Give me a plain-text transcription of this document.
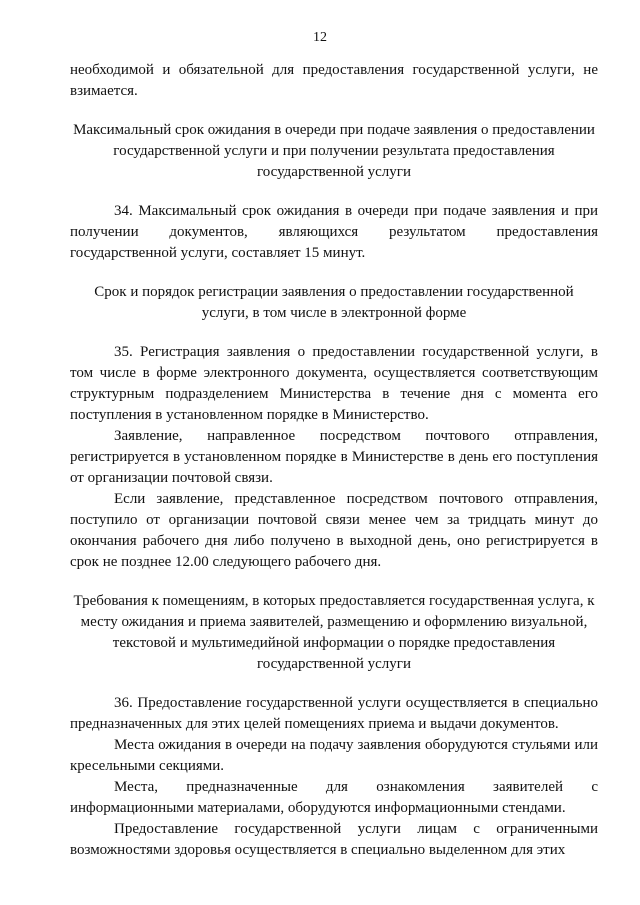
12

необходимой и обязательной для предоставления государственной услуги, не взимается.

Максимальный срок ожидания в очереди при подаче заявления о предоставлении государственной услуги и при получении результата предоставления государственной услуги

34. Максимальный срок ожидания в очереди при подаче заявления и при получении документов, являющихся результатом предоставления государственной услуги, составляет 15 минут.

Срок и порядок регистрации заявления о предоставлении государственной услуги, в том числе в электронной форме

35. Регистрация заявления о предоставлении государственной услуги, в том числе в форме электронного документа, осуществляется соответствующим структурным подразделением Министерства в течение дня с момента его поступления в установленном порядке в Министерство.

Заявление, направленное посредством почтового отправления, регистрируется в установленном порядке в Министерстве в день его поступления от организации почтовой связи.

Если заявление, представленное посредством почтового отправления, поступило от организации почтовой связи менее чем за тридцать минут до окончания рабочего дня либо получено в выходной день, оно регистрируется в срок не позднее 12.00 следующего рабочего дня.

Требования к помещениям, в которых предоставляется государственная услуга, к месту ожидания и приема заявителей, размещению и оформлению визуальной, текстовой и мультимедийной информации о порядке предоставления государственной услуги

36. Предоставление государственной услуги осуществляется в специально предназначенных для этих целей помещениях приема и выдачи документов.

Места ожидания в очереди на подачу заявления оборудуются стульями или кресельными секциями.

Места, предназначенные для ознакомления заявителей с информационными материалами, оборудуются информационными стендами.

Предоставление государственной услуги лицам с ограниченными возможностями здоровья осуществляется в специально выделенном для этих
